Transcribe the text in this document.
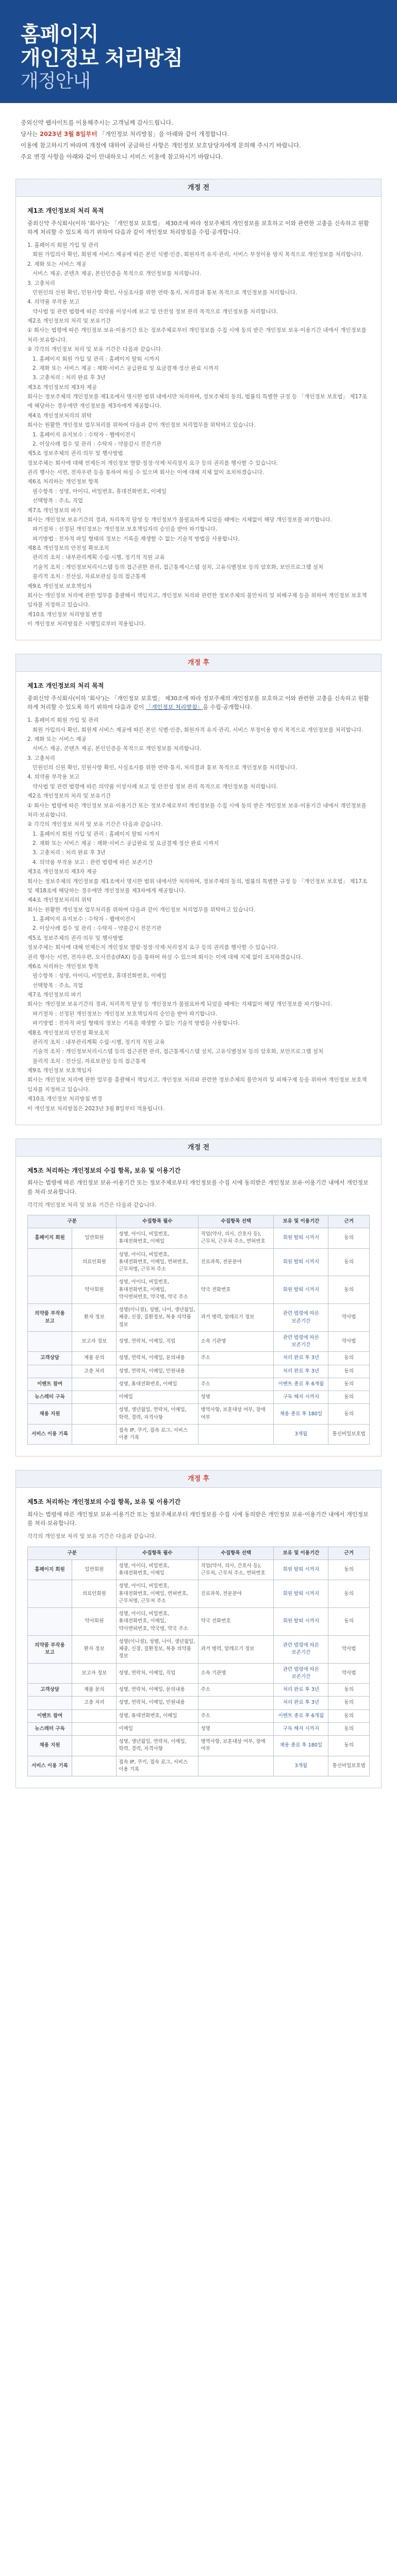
홈페이지
개인정보 처리방침
개정안내
중외신약 웹사이트를 이용해주시는 고객님께 감사드립니다.
당사는 2023년 3월 8일부터 「개인정보 처리방침」을 아래와 같이 개정합니다.
이용에 참고하시기 바라며 개정에 대하여 궁금하신 사항은 개인정보 보호담당자에게 문의해 주시기 바랍니다.
주요 변경 사항을 아래와 같이 안내하오니 서비스 이용에 참고하시기 바랍니다.
개정 전
제1조 개인정보의 처리 목적
중외신약 주식회사(이하 '회사')는 「개인정보 보호법」 제30조에 따라 정보주체의 개인정보를 보호하고 이와 관련한 고충을 신속하고 원활하게 처리할 수 있도록 하기 위하여 다음과 같이 개인정보 처리방침을 수립·공개합니다.
1. 홈페이지 회원 가입 및 관리
회원 가입의사 확인, 회원제 서비스 제공에 따른 본인 식별·인증, 회원자격 유지·관리, 서비스 부정이용 방지 목적으로 개인정보를 처리합니다.
2. 재화 또는 서비스 제공
서비스 제공, 콘텐츠 제공, 본인인증을 목적으로 개인정보를 처리합니다.
3. 고충처리
민원인의 신원 확인, 민원사항 확인, 사실조사를 위한 연락·통지, 처리결과 통보 목적으로 개인정보를 처리합니다.
4. 의약품 부작용 보고
약사법 및 관련 법령에 따른 의약품 이상사례 보고 및 안전성 정보 관리 목적으로 개인정보를 처리합니다.
제2조 개인정보의 처리 및 보유기간
① 회사는 법령에 따른 개인정보 보유·이용기간 또는 정보주체로부터 개인정보를 수집 시에 동의 받은 개인정보 보유·이용기간 내에서 개인정보를 처리·보유합니다.
② 각각의 개인정보 처리 및 보유 기간은 다음과 같습니다.
1. 홈페이지 회원 가입 및 관리 : 홈페이지 탈퇴 시까지
2. 재화 또는 서비스 제공 : 재화·서비스 공급완료 및 요금결제·정산 완료 시까지
3. 고충처리 : 처리 완료 후 3년
제3조 개인정보의 제3자 제공
회사는 정보주체의 개인정보를 제1조에서 명시한 범위 내에서만 처리하며, 정보주체의 동의, 법률의 특별한 규정 등 「개인정보 보호법」 제17조에 해당하는 경우에만 개인정보를 제3자에게 제공합니다.
제4조 개인정보처리의 위탁
회사는 원활한 개인정보 업무처리를 위하여 다음과 같이 개인정보 처리업무를 위탁하고 있습니다.
1. 홈페이지 유지보수 : 수탁자 - 웹에이전시
2. 이상사례 접수 및 관리 : 수탁자 - 약물감시 전문기관
제5조 정보주체의 권리·의무 및 행사방법
정보주체는 회사에 대해 언제든지 개인정보 열람·정정·삭제·처리정지 요구 등의 권리를 행사할 수 있습니다.
권리 행사는 서면, 전자우편 등을 통하여 하실 수 있으며 회사는 이에 대해 지체 없이 조치하겠습니다.
제6조 처리하는 개인정보 항목
필수항목 : 성명, 아이디, 비밀번호, 휴대전화번호, 이메일
선택항목 : 주소, 직업
제7조 개인정보의 파기
회사는 개인정보 보유기간의 경과, 처리목적 달성 등 개인정보가 불필요하게 되었을 때에는 지체없이 해당 개인정보를 파기합니다.
파기절차 : 선정된 개인정보는 개인정보 보호책임자의 승인을 받아 파기합니다.
파기방법 : 전자적 파일 형태의 정보는 기록을 재생할 수 없는 기술적 방법을 사용합니다.
제8조 개인정보의 안전성 확보조치
관리적 조치 : 내부관리계획 수립·시행, 정기적 직원 교육
기술적 조치 : 개인정보처리시스템 등의 접근권한 관리, 접근통제시스템 설치, 고유식별정보 등의 암호화, 보안프로그램 설치
물리적 조치 : 전산실, 자료보관실 등의 접근통제
제9조 개인정보 보호책임자
회사는 개인정보 처리에 관한 업무를 총괄해서 책임지고, 개인정보 처리와 관련한 정보주체의 불만처리 및 피해구제 등을 위하여 개인정보 보호책임자를 지정하고 있습니다.
제10조 개인정보 처리방침 변경
이 개인정보 처리방침은 시행일로부터 적용됩니다.
개정 후
제1조 개인정보의 처리 목적
중외신약 주식회사(이하 '회사')는 「개인정보 보호법」 제30조에 따라 정보주체의 개인정보를 보호하고 이와 관련한 고충을 신속하고 원활하게 처리할 수 있도록 하기 위하여 다음과 같이 「개인정보 처리방침」을 수립·공개합니다.
1. 홈페이지 회원 가입 및 관리
회원 가입의사 확인, 회원제 서비스 제공에 따른 본인 식별·인증, 회원자격 유지·관리, 서비스 부정이용 방지 목적으로 개인정보를 처리합니다.
2. 재화 또는 서비스 제공
서비스 제공, 콘텐츠 제공, 본인인증을 목적으로 개인정보를 처리합니다.
3. 고충처리
민원인의 신원 확인, 민원사항 확인, 사실조사를 위한 연락·통지, 처리결과 통보 목적으로 개인정보를 처리합니다.
4. 의약품 부작용 보고
약사법 및 관련 법령에 따른 의약품 이상사례 보고 및 안전성 정보 관리 목적으로 개인정보를 처리합니다.
제2조 개인정보의 처리 및 보유기간
① 회사는 법령에 따른 개인정보 보유·이용기간 또는 정보주체로부터 개인정보를 수집 시에 동의 받은 개인정보 보유·이용기간 내에서 개인정보를 처리·보유합니다.
② 각각의 개인정보 처리 및 보유 기간은 다음과 같습니다.
1. 홈페이지 회원 가입 및 관리 : 홈페이지 탈퇴 시까지
2. 재화 또는 서비스 제공 : 재화·서비스 공급완료 및 요금결제·정산 완료 시까지
3. 고충처리 : 처리 완료 후 3년
4. 의약품 부작용 보고 : 관련 법령에 따른 보존기간
제3조 개인정보의 제3자 제공
회사는 정보주체의 개인정보를 제1조에서 명시한 범위 내에서만 처리하며, 정보주체의 동의, 법률의 특별한 규정 등 「개인정보 보호법」 제17조 및 제18조에 해당하는 경우에만 개인정보를 제3자에게 제공합니다.
제4조 개인정보처리의 위탁
회사는 원활한 개인정보 업무처리를 위하여 다음과 같이 개인정보 처리업무를 위탁하고 있습니다.
1. 홈페이지 유지보수 : 수탁자 - 웹에이전시
2. 이상사례 접수 및 관리 : 수탁자 - 약물감시 전문기관
제5조 정보주체의 권리·의무 및 행사방법
정보주체는 회사에 대해 언제든지 개인정보 열람·정정·삭제·처리정지 요구 등의 권리를 행사할 수 있습니다.
권리 행사는 서면, 전자우편, 모사전송(FAX) 등을 통하여 하실 수 있으며 회사는 이에 대해 지체 없이 조치하겠습니다.
제6조 처리하는 개인정보 항목
필수항목 : 성명, 아이디, 비밀번호, 휴대전화번호, 이메일
선택항목 : 주소, 직업
제7조 개인정보의 파기
회사는 개인정보 보유기간의 경과, 처리목적 달성 등 개인정보가 불필요하게 되었을 때에는 지체없이 해당 개인정보를 파기합니다.
파기절차 : 선정된 개인정보는 개인정보 보호책임자의 승인을 받아 파기합니다.
파기방법 : 전자적 파일 형태의 정보는 기록을 재생할 수 없는 기술적 방법을 사용합니다.
제8조 개인정보의 안전성 확보조치
관리적 조치 : 내부관리계획 수립·시행, 정기적 직원 교육
기술적 조치 : 개인정보처리시스템 등의 접근권한 관리, 접근통제시스템 설치, 고유식별정보 등의 암호화, 보안프로그램 설치
물리적 조치 : 전산실, 자료보관실 등의 접근통제
제9조 개인정보 보호책임자
회사는 개인정보 처리에 관한 업무를 총괄해서 책임지고, 개인정보 처리와 관련한 정보주체의 불만처리 및 피해구제 등을 위하여 개인정보 보호책임자를 지정하고 있습니다.
제10조 개인정보 처리방침 변경
이 개인정보 처리방침은 2023년 3월 8일부터 적용됩니다.
개정 전
제5조 처리하는 개인정보의 수집 항목, 보유 및 이용기간
회사는 법령에 따른 개인정보 보유·이용기간 또는 정보주체로부터 개인정보를 수집 시에 동의받은 개인정보 보유·이용기간 내에서 개인정보를 처리·보유합니다.
각각의 개인정보 처리 및 보유 기간은 다음과 같습니다.
구분		수집항목 필수	수집항목 선택	보유 및 이용기간	근거
홈페이지 회원	일반회원	성명, 아이디, 비밀번호, 휴대전화번호, 이메일	직업(약사, 의사, 간호사 등), 근무처, 근무처 주소, 면허번호	회원 탈퇴 시까지	동의
	의료인회원	성명, 아이디, 비밀번호, 휴대전화번호, 이메일, 면허번호, 근무처명, 근무처 주소	진료과목, 전문분야	회원 탈퇴 시까지	동의
	약사회원	성명, 아이디, 비밀번호, 휴대전화번호, 이메일, 약사면허번호, 약국명, 약국 주소	약국 전화번호	회원 탈퇴 시까지	동의
의약품 부작용 보고	환자 정보	성명(이니셜), 성별, 나이, 생년월일, 체중, 신장, 질환정보, 복용 의약품 정보	과거 병력, 알레르기 정보	관련 법령에 따른 보존기간	약사법
	보고자 정보	성명, 연락처, 이메일, 직업	소속 기관명	관련 법령에 따른 보존기간	약사법
고객상담	제품 문의	성명, 연락처, 이메일, 문의내용	주소	처리 완료 후 3년	동의
	고충 처리	성명, 연락처, 이메일, 민원내용		처리 완료 후 3년	동의
이벤트 참여		성명, 휴대전화번호, 이메일	주소	이벤트 종료 후 6개월	동의
뉴스레터 구독		이메일	성명	구독 해지 시까지	동의
채용 지원		성명, 생년월일, 연락처, 이메일, 학력, 경력, 자격사항	병역사항, 보훈대상 여부, 장애 여부	채용 종료 후 180일	동의
서비스 이용 기록		접속 IP, 쿠키, 접속 로그, 서비스 이용 기록		3개월	통신비밀보호법
개정 후
제5조 처리하는 개인정보의 수집 항목, 보유 및 이용기간
회사는 법령에 따른 개인정보 보유·이용기간 또는 정보주체로부터 개인정보를 수집 시에 동의받은 개인정보 보유·이용기간 내에서 개인정보를 처리·보유합니다.
각각의 개인정보 처리 및 보유 기간은 다음과 같습니다.
구분		수집항목 필수	수집항목 선택	보유 및 이용기간	근거
홈페이지 회원	일반회원	성명, 아이디, 비밀번호, 휴대전화번호, 이메일	직업(약사, 의사, 간호사 등), 근무처, 근무처 주소, 면허번호	회원 탈퇴 시까지	동의
	의료인회원	성명, 아이디, 비밀번호, 휴대전화번호, 이메일, 면허번호, 근무처명, 근무처 주소	진료과목, 전문분야	회원 탈퇴 시까지	동의
	약사회원	성명, 아이디, 비밀번호, 휴대전화번호, 이메일, 약사면허번호, 약국명, 약국 주소	약국 전화번호	회원 탈퇴 시까지	동의
의약품 부작용 보고	환자 정보	성명(이니셜), 성별, 나이, 생년월일, 체중, 신장, 질환정보, 복용 의약품 정보	과거 병력, 알레르기 정보	관련 법령에 따른 보존기간	약사법
	보고자 정보	성명, 연락처, 이메일, 직업	소속 기관명	관련 법령에 따른 보존기간	약사법
고객상담	제품 문의	성명, 연락처, 이메일, 문의내용	주소	처리 완료 후 3년	동의
	고충 처리	성명, 연락처, 이메일, 민원내용		처리 완료 후 3년	동의
이벤트 참여		성명, 휴대전화번호, 이메일	주소	이벤트 종료 후 6개월	동의
뉴스레터 구독		이메일	성명	구독 해지 시까지	동의
채용 지원		성명, 생년월일, 연락처, 이메일, 학력, 경력, 자격사항	병역사항, 보훈대상 여부, 장애 여부	채용 종료 후 180일	동의
서비스 이용 기록		접속 IP, 쿠키, 접속 로그, 서비스 이용 기록		3개월	통신비밀보호법
